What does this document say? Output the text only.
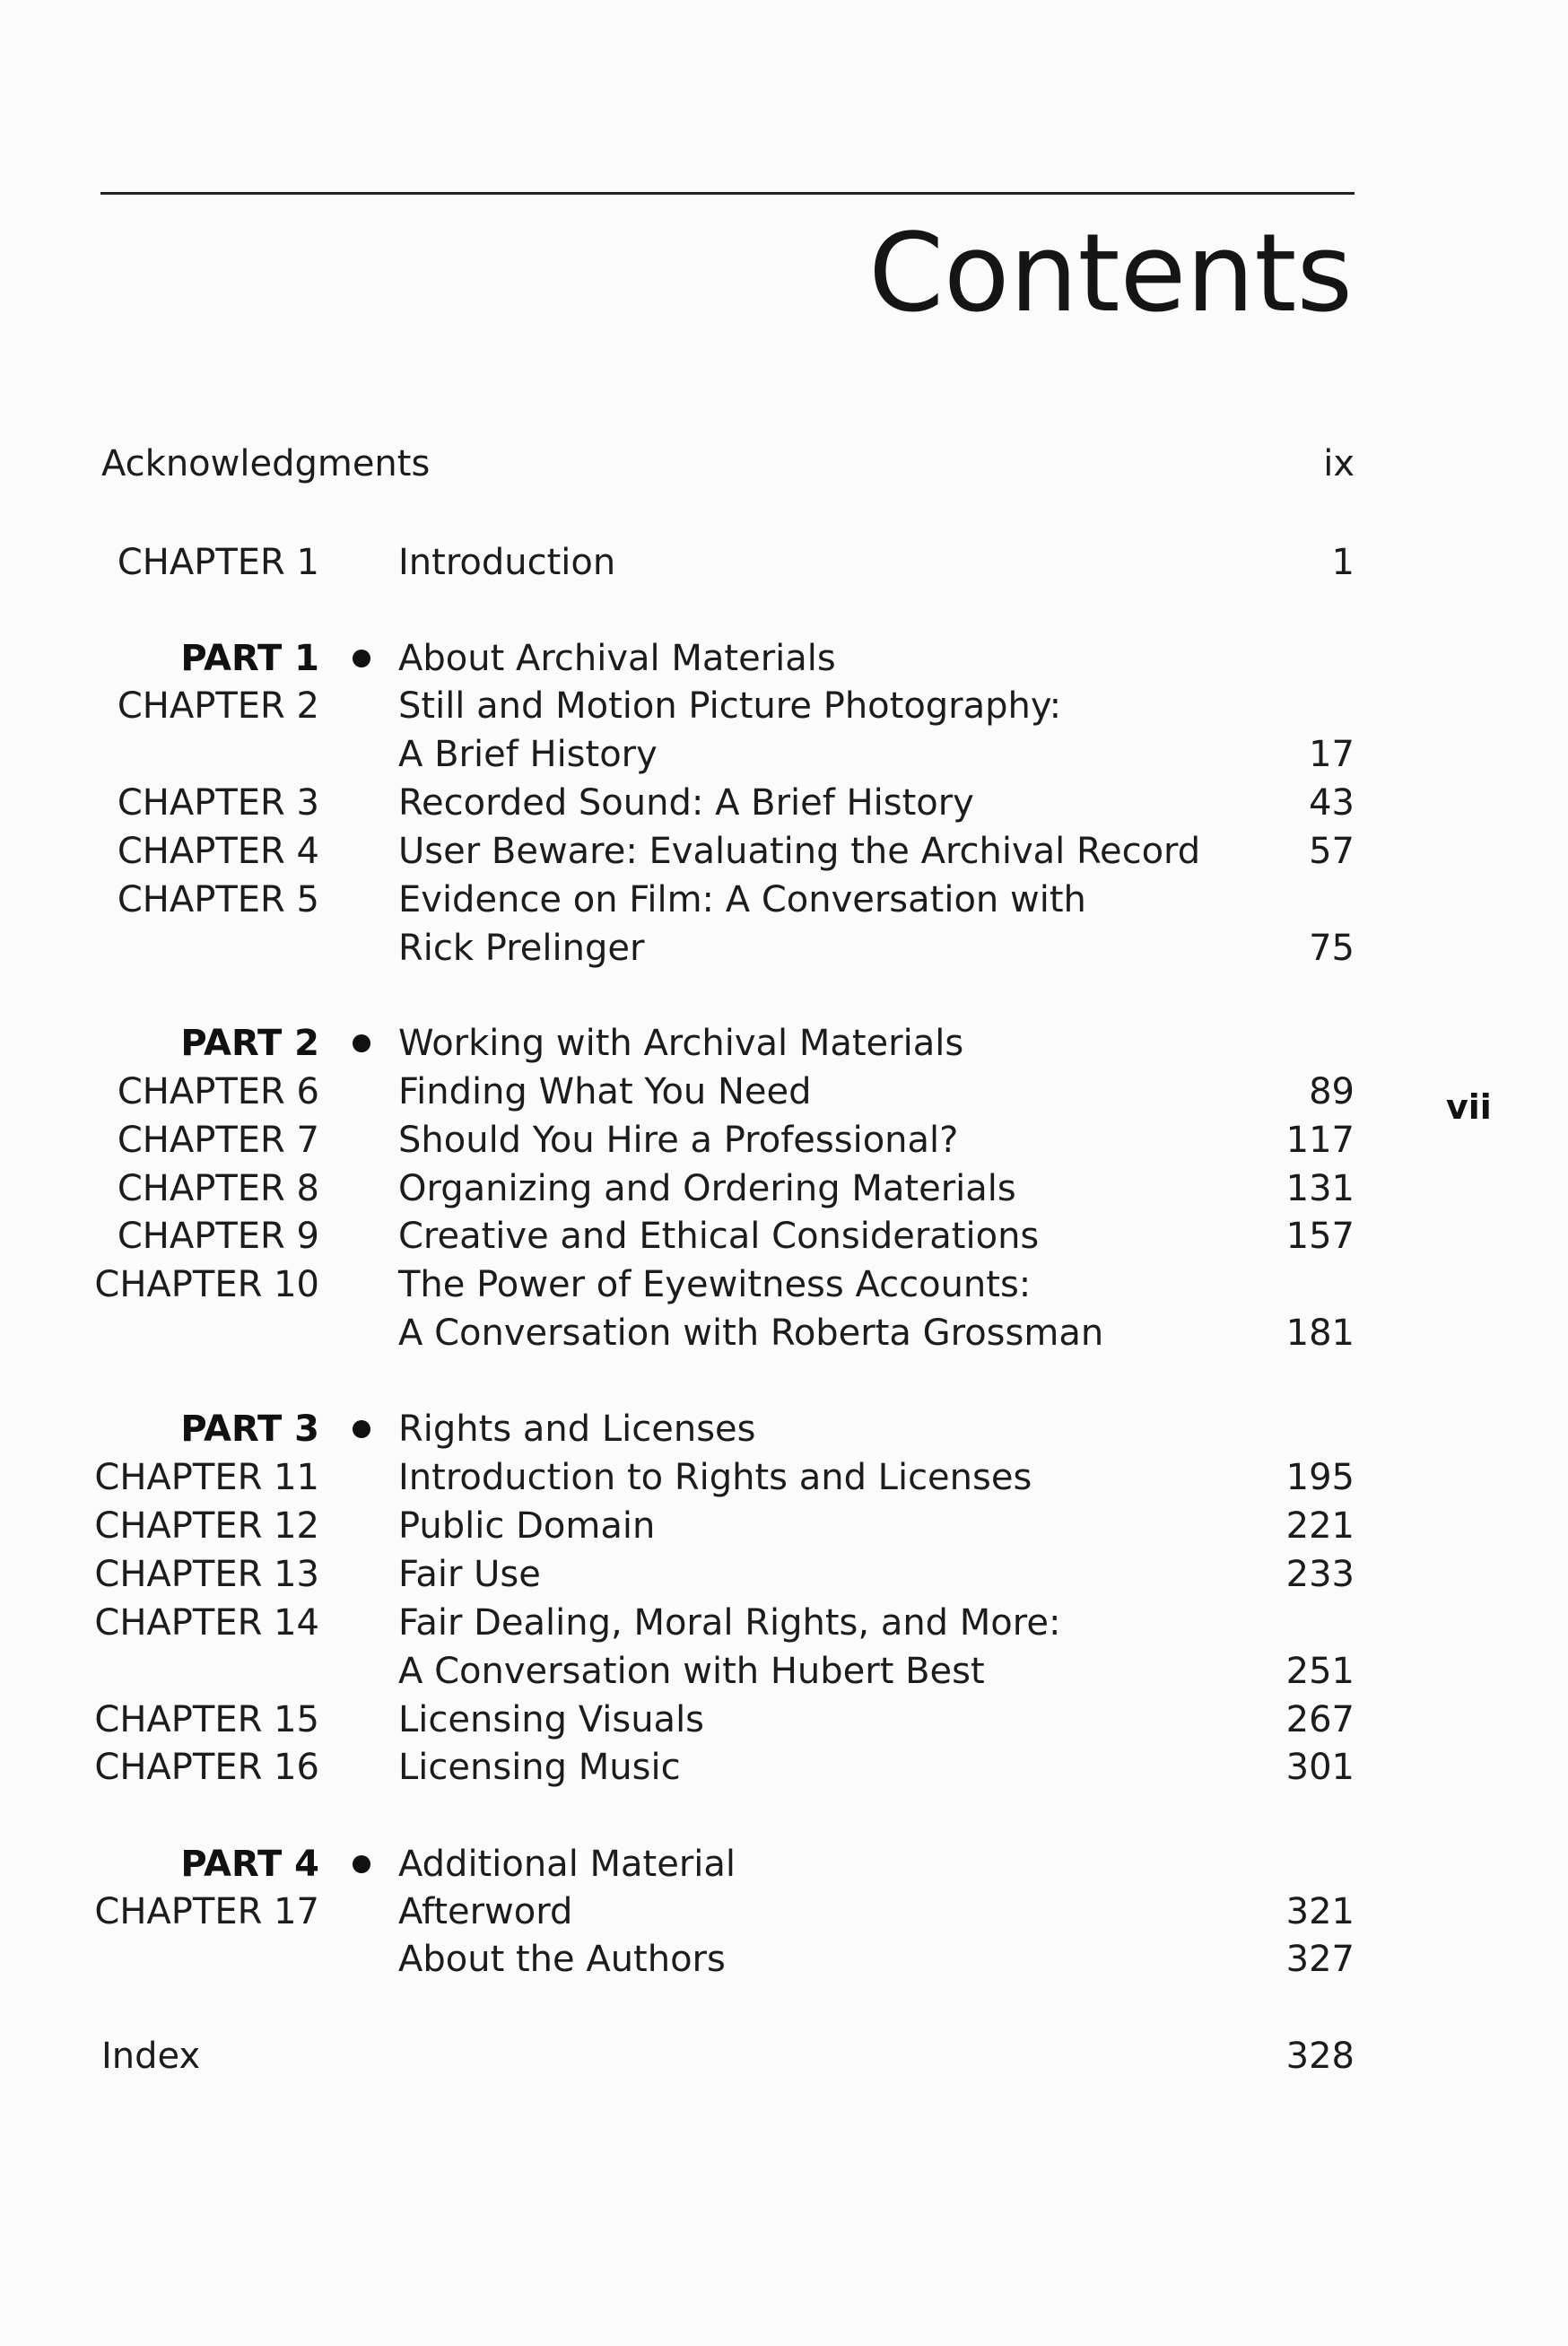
Contents
Acknowledgments	ix
CHAPTER 1 Introduction	1
PART 1 About Archival Materials
CHAPTER 2 Still and Motion Picture Photography:
A Brief History	17
CHAPTER 3 Recorded Sound: A Brief History	43
CHAPTER 4 User Beware: Evaluating the Archival Record	57
CHAPTER 5 Evidence on Film: A Conversation with
Rick Prelinger	75
PART 2 Working with Archival Materials
CHAPTER 6 Finding What You Need	89
CHAPTER 7 Should You Hire a Professional?	117
CHAPTER 8 Organizing and Ordering Materials	131
CHAPTER 9 Creative and Ethical Considerations	157
CHAPTER 10 The Power of Eyewitness Accounts:
A Conversation with Roberta Grossman	181
PART 3 Rights and Licenses
CHAPTER 11 Introduction to Rights and Licenses	195
CHAPTER 12 Public Domain	221
CHAPTER 13 Fair Use	233
CHAPTER 14 Fair Dealing, Moral Rights, and More:
A Conversation with Hubert Best	251
CHAPTER 15 Licensing Visuals	267
CHAPTER 16 Licensing Music	301
PART 4 Additional Material
CHAPTER 17 Afterword	321
About the Authors	327
Index	328
vii
